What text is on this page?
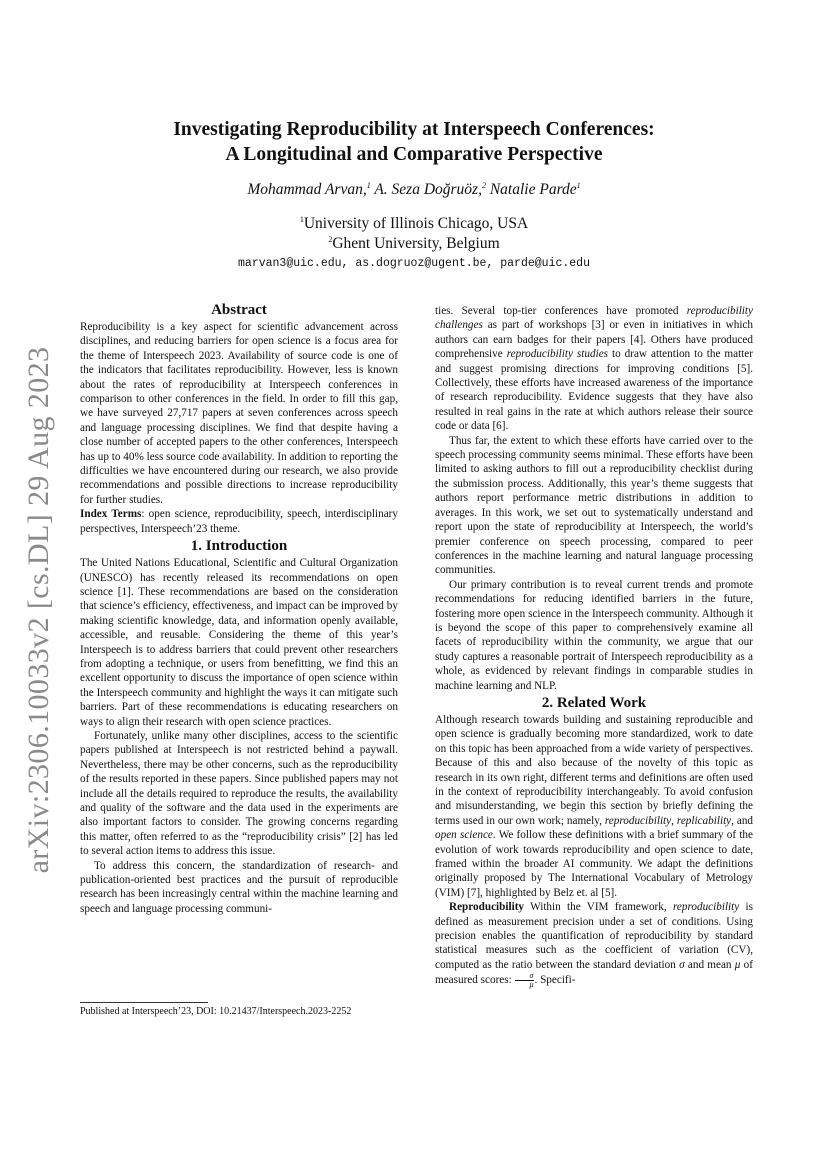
Investigating Reproducibility at Interspeech Conferences:
A Longitudinal and Comparative Perspective
Mohammad Arvan,$^1$ A. Seza Doğruöz,$^2$ Natalie Parde$^1$
$^1$University of Illinois Chicago, USA
$^2$Ghent University, Belgium
marvan3@uic.edu, as.dogruoz@ugent.be, parde@uic.edu
arXiv:2306.10033v2 [cs.DL] 29 Aug 2023
Abstract

Reproducibility is a key aspect for scientific advancement across disciplines, and reducing barriers for open science is a focus area for the theme of Interspeech 2023. Availability of source code is one of the indicators that facilitates reproducibility. However, less is known about the rates of reproducibility at Interspeech conferences in comparison to other conferences in the field. In order to fill this gap, we have surveyed 27,717 papers at seven conferences across speech and language processing disciplines. We find that despite having a close number of accepted papers to the other conferences, Interspeech has up to 40% less source code availability. In addition to reporting the difficulties we have encountered during our research, we also provide recommendations and possible directions to increase reproducibility for further studies.

Index Terms: open science, reproducibility, speech, interdisciplinary perspectives, Interspeech’23 theme.

1. Introduction

The United Nations Educational, Scientific and Cultural Organization (UNESCO) has recently released its recommendations on open science [1]. These recommendations are based on the consideration that science’s efficiency, effectiveness, and impact can be improved by making scientific knowledge, data, and information openly available, accessible, and reusable. Considering the theme of this year’s Interspeech is to address barriers that could prevent other researchers from adopting a technique, or users from benefitting, we find this an excellent opportunity to discuss the importance of open science within the Interspeech community and highlight the ways it can mitigate such barriers. Part of these recommendations is educating researchers on ways to align their research with open science practices.

Fortunately, unlike many other disciplines, access to the scientific papers published at Interspeech is not restricted behind a paywall. Nevertheless, there may be other concerns, such as the reproducibility of the results reported in these papers. Since published papers may not include all the details required to reproduce the results, the availability and quality of the software and the data used in the experiments are also important factors to consider. The growing concerns regarding this matter, often referred to as the “reproducibility crisis” [2] has led to several action items to address this issue.

To address this concern, the standardization of research- and publication-oriented best practices and the pursuit of reproducible research has been increasingly central within the machine learning and speech and language processing communi-

Published at Interspeech’23, DOI: 10.21437/Interspeech.2023-2252

ties. Several top-tier conferences have promoted reproducibility challenges as part of workshops [3] or even in initiatives in which authors can earn badges for their papers [4]. Others have produced comprehensive reproducibility studies to draw attention to the matter and suggest promising directions for improving conditions [5]. Collectively, these efforts have increased awareness of the importance of research reproducibility. Evidence suggests that they have also resulted in real gains in the rate at which authors release their source code or data [6].

Thus far, the extent to which these efforts have carried over to the speech processing community seems minimal. These efforts have been limited to asking authors to fill out a reproducibility checklist during the submission process. Additionally, this year’s theme suggests that authors report performance metric distributions in addition to averages. In this work, we set out to systematically understand and report upon the state of reproducibility at Interspeech, the world’s premier conference on speech processing, compared to peer conferences in the machine learning and natural language processing communities.

Our primary contribution is to reveal current trends and promote recommendations for reducing identified barriers in the future, fostering more open science in the Interspeech community. Although it is beyond the scope of this paper to comprehensively examine all facets of reproducibility within the community, we argue that our study captures a reasonable portrait of Interspeech reproducibility as a whole, as evidenced by relevant findings in comparable studies in machine learning and NLP.

2. Related Work

Although research towards building and sustaining reproducible and open science is gradually becoming more standardized, work to date on this topic has been approached from a wide variety of perspectives. Because of this and also because of the novelty of this topic as research in its own right, different terms and definitions are often used in the context of reproducibility interchangeably. To avoid confusion and misunderstanding, we begin this section by briefly defining the terms used in our own work; namely, reproducibility, replicability, and open science. We follow these definitions with a brief summary of the evolution of work towards reproducibility and open science to date, framed within the broader AI community. We adapt the definitions originally proposed by The International Vocabulary of Metrology (VIM) [7], highlighted by Belz et. al [5].

Reproducibility Within the VIM framework, reproducibility is defined as measurement precision under a set of conditions. Using precision enables the quantification of reproducibility by standard statistical measures such as the coefficient of variation (CV), computed as the ratio between the standard deviation σ and mean μ of measured scores: $\frac{\sigma}{\mu}$ . Specifi-
